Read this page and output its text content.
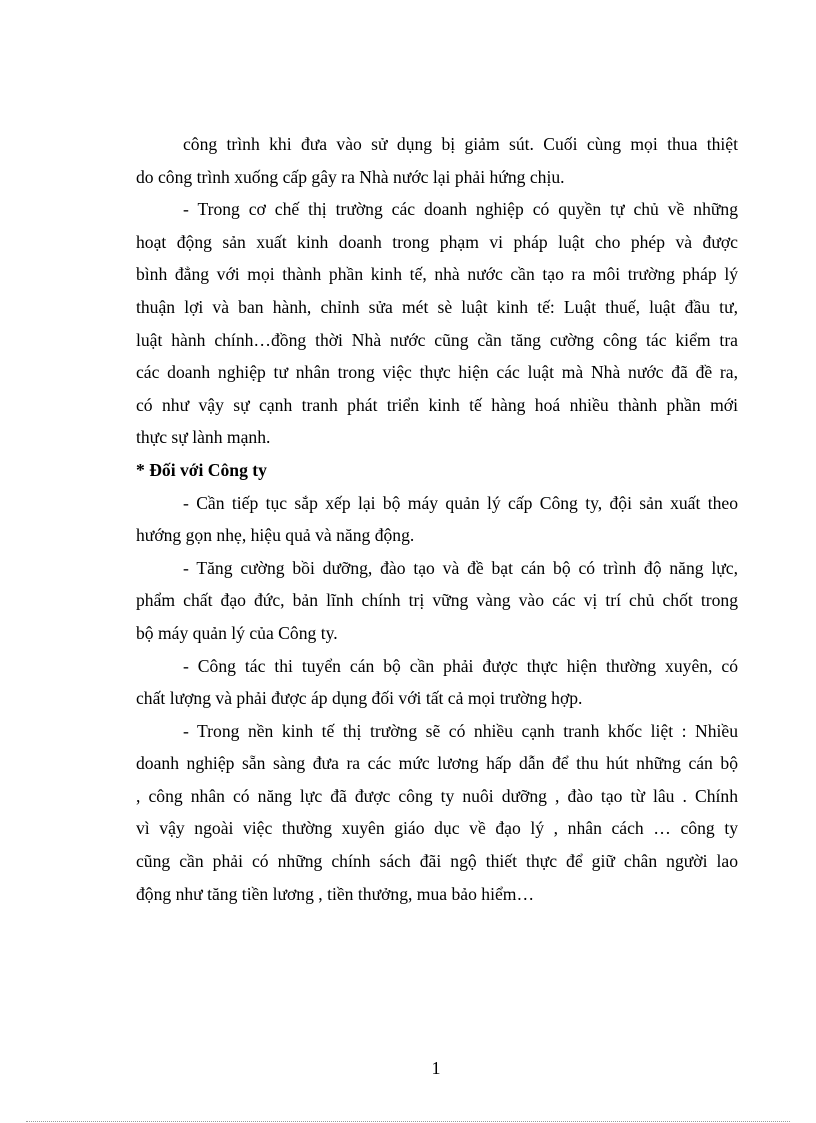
công trình khi đưa vào sử dụng bị giảm sút. Cuối cùng mọi thua thiệt
do công trình xuống cấp gây ra Nhà nước lại phải hứng chịu.
- Trong cơ chế thị trường các doanh nghiệp có quyền tự chủ về những
hoạt động sản xuất kinh doanh trong phạm vi pháp luật cho phép và được
bình đẳng với mọi thành phần kinh tế, nhà nước cần tạo ra môi trường pháp lý
thuận lợi và ban hành, chỉnh sửa mét sè luật kinh tế: Luật thuế, luật đầu tư,
luật hành chính…đồng thời Nhà nước cũng cần tăng cường công tác kiểm tra
các doanh nghiệp tư nhân trong việc thực hiện các luật mà Nhà nước đã đề ra,
có như vậy sự cạnh tranh phát triển kinh tế hàng hoá nhiều thành phần mới
thực sự lành mạnh.
* Đối với Công ty
- Cần tiếp tục sắp xếp lại bộ máy quản lý cấp Công ty, đội sản xuất theo
hướng gọn nhẹ, hiệu quả và năng động.
- Tăng cường bồi dưỡng, đào tạo và đề bạt cán bộ có trình độ năng lực,
phẩm chất đạo đức, bản lĩnh chính trị vững vàng vào các vị trí chủ chốt trong
bộ máy quản lý của Công ty.
- Công tác thi tuyển cán bộ cần phải được thực hiện thường xuyên, có
chất lượng và phải được áp dụng đối với tất cả mọi trường hợp.
- Trong nền kinh tế thị trường sẽ có nhiều cạnh tranh khốc liệt : Nhiều
doanh nghiệp sẵn sàng đưa ra các mức lương hấp dẫn để thu hút những cán bộ
, công nhân có năng lực đã được công ty nuôi dưỡng , đào tạo từ lâu . Chính
vì vậy ngoài việc thường xuyên giáo dục về đạo lý , nhân cách … công ty
cũng cần phải có những chính sách đãi ngộ thiết thực để giữ chân người lao
động như tăng tiền lương , tiền thưởng, mua bảo hiểm…
1
